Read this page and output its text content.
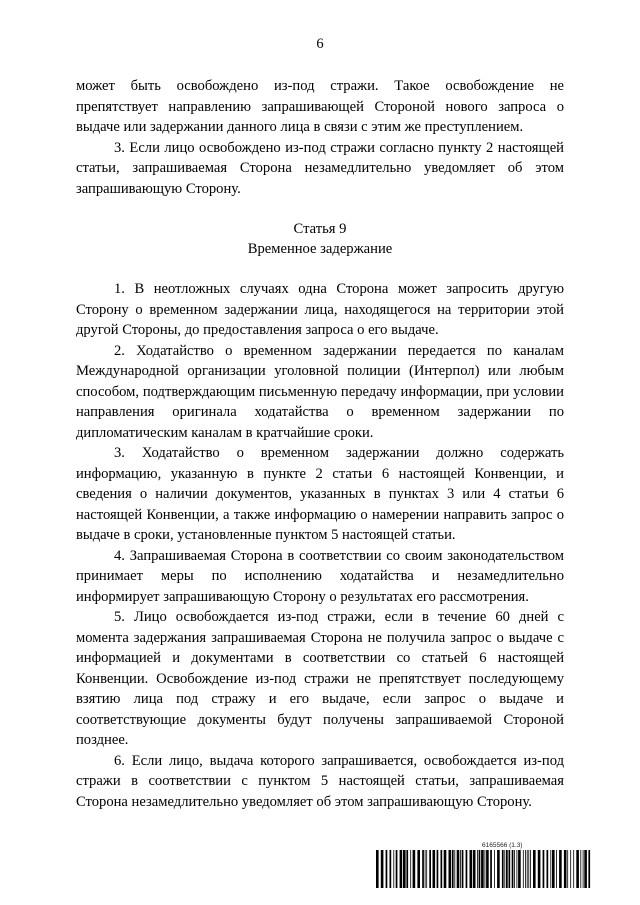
6

может быть освобождено из-под стражи. Такое освобождение не препятствует направлению запрашивающей Стороной нового запроса о выдаче или задержании данного лица в связи с этим же преступлением.

3. Если лицо освобождено из-под стражи согласно пункту 2 настоящей статьи, запрашиваемая Сторона незамедлительно уведомляет об этом запрашивающую Сторону.

Статья 9
Временное задержание

1. В неотложных случаях одна Сторона может запросить другую Сторону о временном задержании лица, находящегося на территории этой другой Стороны, до предоставления запроса о его выдаче.

2. Ходатайство о временном задержании передается по каналам Международной организации уголовной полиции (Интерпол) или любым способом, подтверждающим письменную передачу информации, при условии направления оригинала ходатайства о временном задержании по дипломатическим каналам в кратчайшие сроки.

3. Ходатайство о временном задержании должно содержать информацию, указанную в пункте 2 статьи 6 настоящей Конвенции, и сведения о наличии документов, указанных в пунктах 3 или 4 статьи 6 настоящей Конвенции, а также информацию о намерении направить запрос о выдаче в сроки, установленные пунктом 5 настоящей статьи.

4. Запрашиваемая Сторона в соответствии со своим законодательством принимает меры по исполнению ходатайства и незамедлительно информирует запрашивающую Сторону о результатах его рассмотрения.

5. Лицо освобождается из-под стражи, если в течение 60 дней с момента задержания запрашиваемая Сторона не получила запрос о выдаче с информацией и документами в соответствии со статьей 6 настоящей Конвенции. Освобождение из-под стражи не препятствует последующему взятию лица под стражу и его выдаче, если запрос о выдаче и соответствующие документы будут получены запрашиваемой Стороной позднее.

6. Если лицо, выдача которого запрашивается, освобождается из-под стражи в соответствии с пунктом 5 настоящей статьи, запрашиваемая Сторона незамедлительно уведомляет об этом запрашивающую Сторону.

6165566 (1.3)
